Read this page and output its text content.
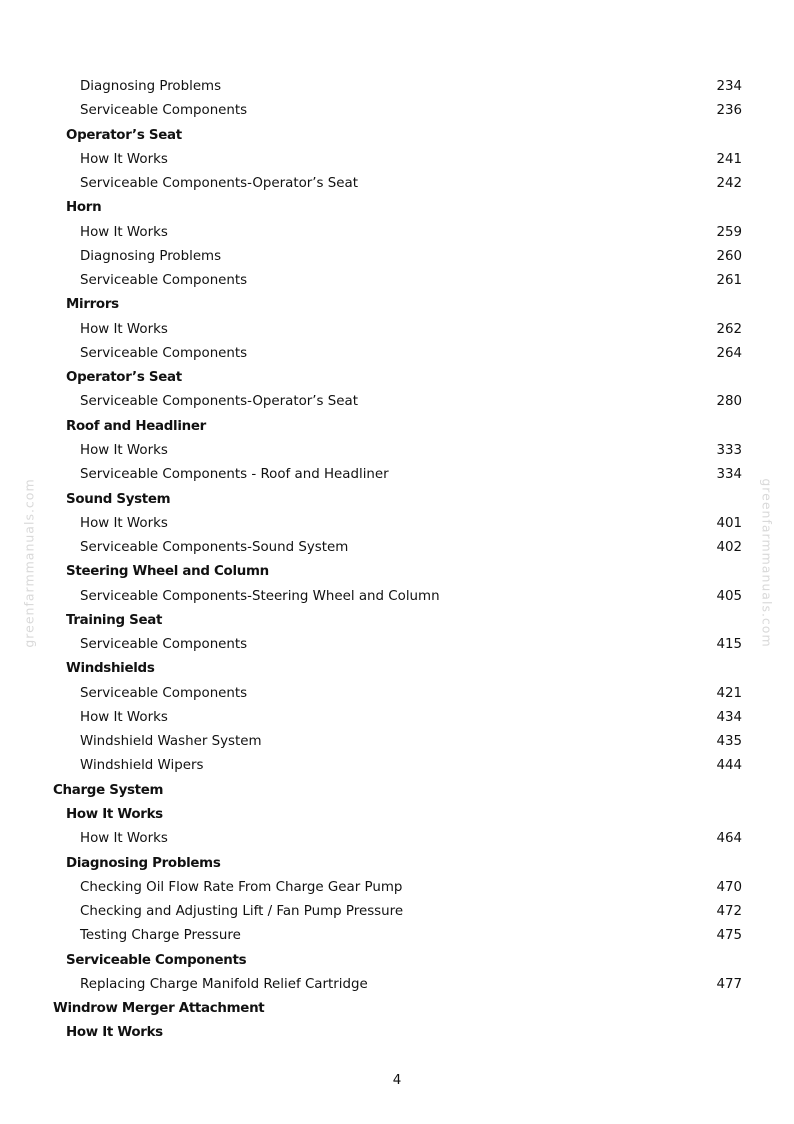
greenfarmmanuals.com	greenfarmmanuals.com
Diagnosing Problems	234
Serviceable Components	236
Operator’s Seat
How It Works	241
Serviceable Components-Operator’s Seat	242
Horn
How It Works	259
Diagnosing Problems	260
Serviceable Components	261
Mirrors
How It Works	262
Serviceable Components	264
Operator’s Seat
Serviceable Components-Operator’s Seat	280
Roof and Headliner
How It Works	333
Serviceable Components - Roof and Headliner	334
Sound System
How It Works	401
Serviceable Components-Sound System	402
Steering Wheel and Column
Serviceable Components-Steering Wheel and Column	405
Training Seat
Serviceable Components	415
Windshields
Serviceable Components	421
How It Works	434
Windshield Washer System	435
Windshield Wipers	444
Charge System
How It Works
How It Works	464
Diagnosing Problems
Checking Oil Flow Rate From Charge Gear Pump	470
Checking and Adjusting Lift / Fan Pump Pressure	472
Testing Charge Pressure	475
Serviceable Components
Replacing Charge Manifold Relief Cartridge	477
Windrow Merger Attachment
How It Works
4
